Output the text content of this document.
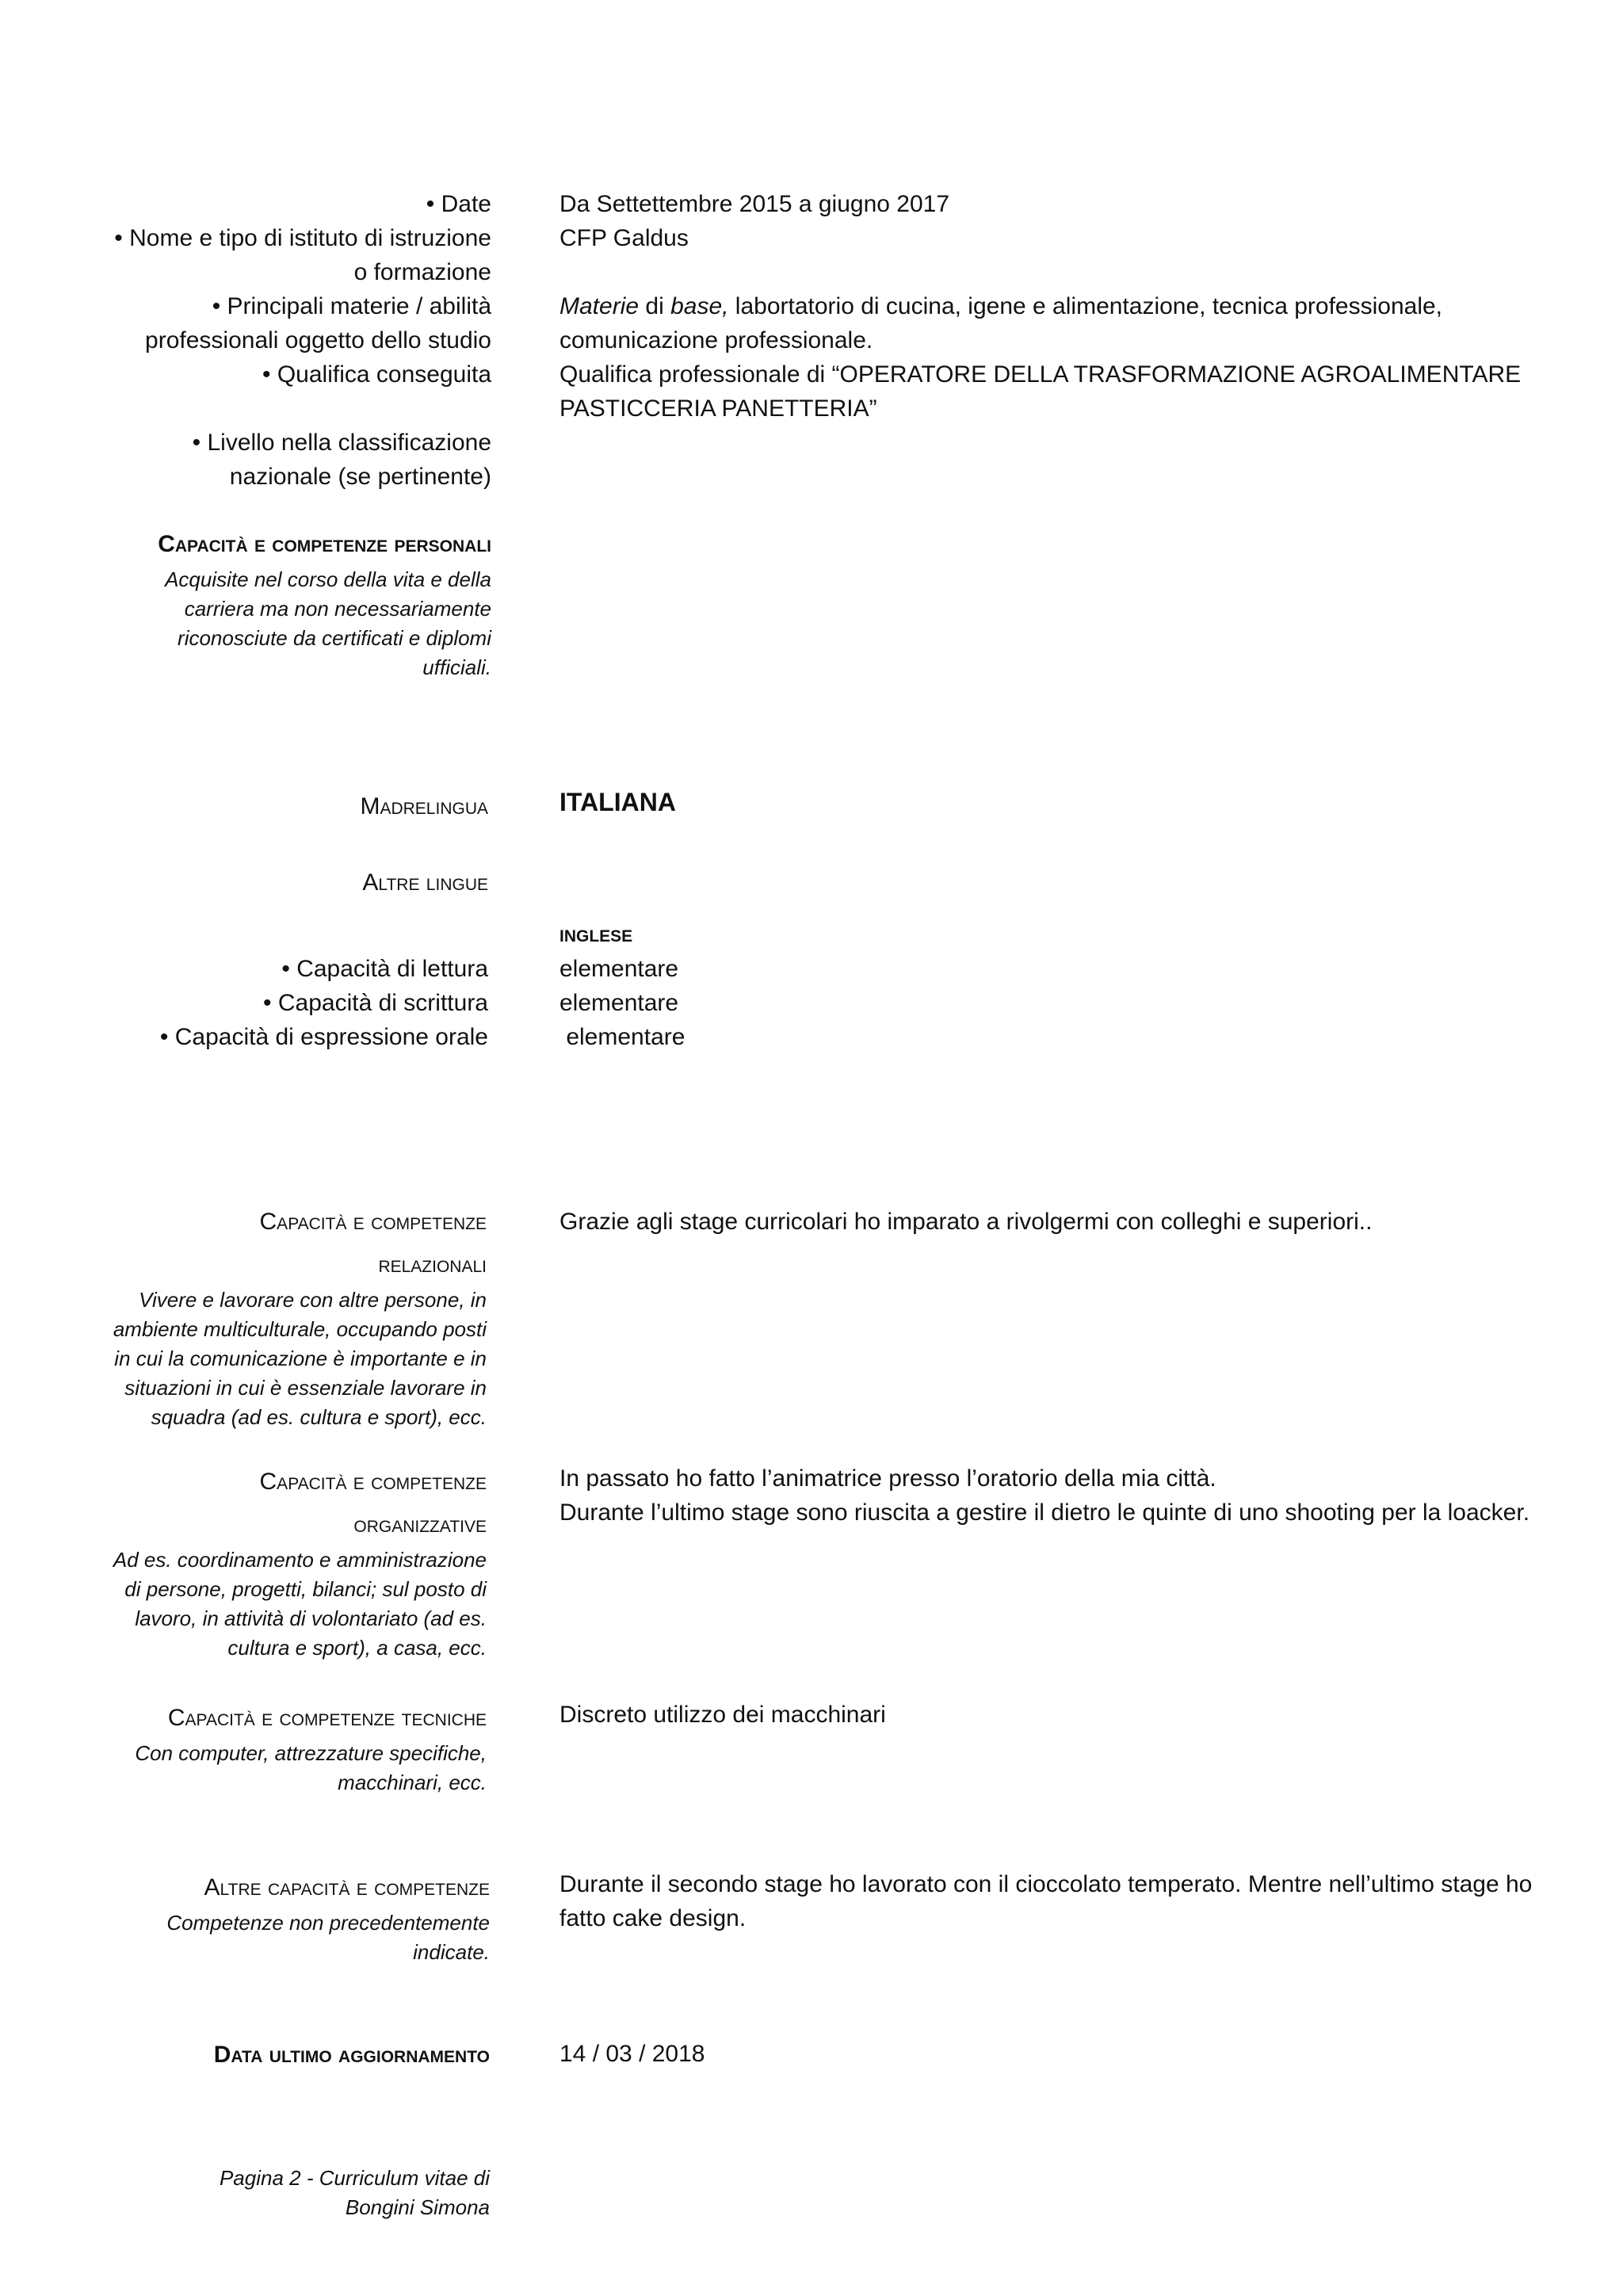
• Date
• Nome e tipo di istituto di istruzione
o formazione
• Principali materie / abilità
professionali oggetto dello studio
• Qualifica conseguita
• Livello nella classificazione
nazionale (se pertinente)
Da Settettembre 2015 a giugno 2017
CFP Galdus
Materie di base, labortatorio di cucina, igene e alimentazione, tecnica professionale,
comunicazione professionale.
Qualifica professionale di “OPERATORE DELLA TRASFORMAZIONE AGROALIMENTARE
PASTICCERIA PANETTERIA”
Capacità e competenze personali
Acquisite nel corso della vita e della
carriera ma non necessariamente
riconosciute da certificati e diplomi
ufficiali.
Madrelingua	ITALIANA
Altre lingue
INGLESE
• Capacità di lettura
• Capacità di scrittura
• Capacità di espressione orale
elementare
elementare
elementare
Capacità e competenze
relazionali
Vivere e lavorare con altre persone, in
ambiente multiculturale, occupando posti
in cui la comunicazione è importante e in
situazioni in cui è essenziale lavorare in
squadra (ad es. cultura e sport), ecc.
Grazie agli stage curricolari ho imparato a rivolgermi con colleghi e superiori..
Capacità e competenze
organizzative
Ad es. coordinamento e amministrazione
di persone, progetti, bilanci; sul posto di
lavoro, in attività di volontariato (ad es.
cultura e sport), a casa, ecc.
In passato ho fatto l’animatrice presso l’oratorio della mia città.
Durante l’ultimo stage sono riuscita a gestire il dietro le quinte di uno shooting per la loacker.
Capacità e competenze tecniche
Con computer, attrezzature specifiche,
macchinari, ecc.
Discreto utilizzo dei macchinari
Altre capacità e competenze
Competenze non precedentemente
indicate.
Durante il secondo stage ho lavorato con il cioccolato temperato. Mentre nell’ultimo stage ho
fatto cake design.
Data ultimo aggiornamento	14 / 03 / 2018
Pagina 2 - Curriculum vitae di
Bongini Simona
